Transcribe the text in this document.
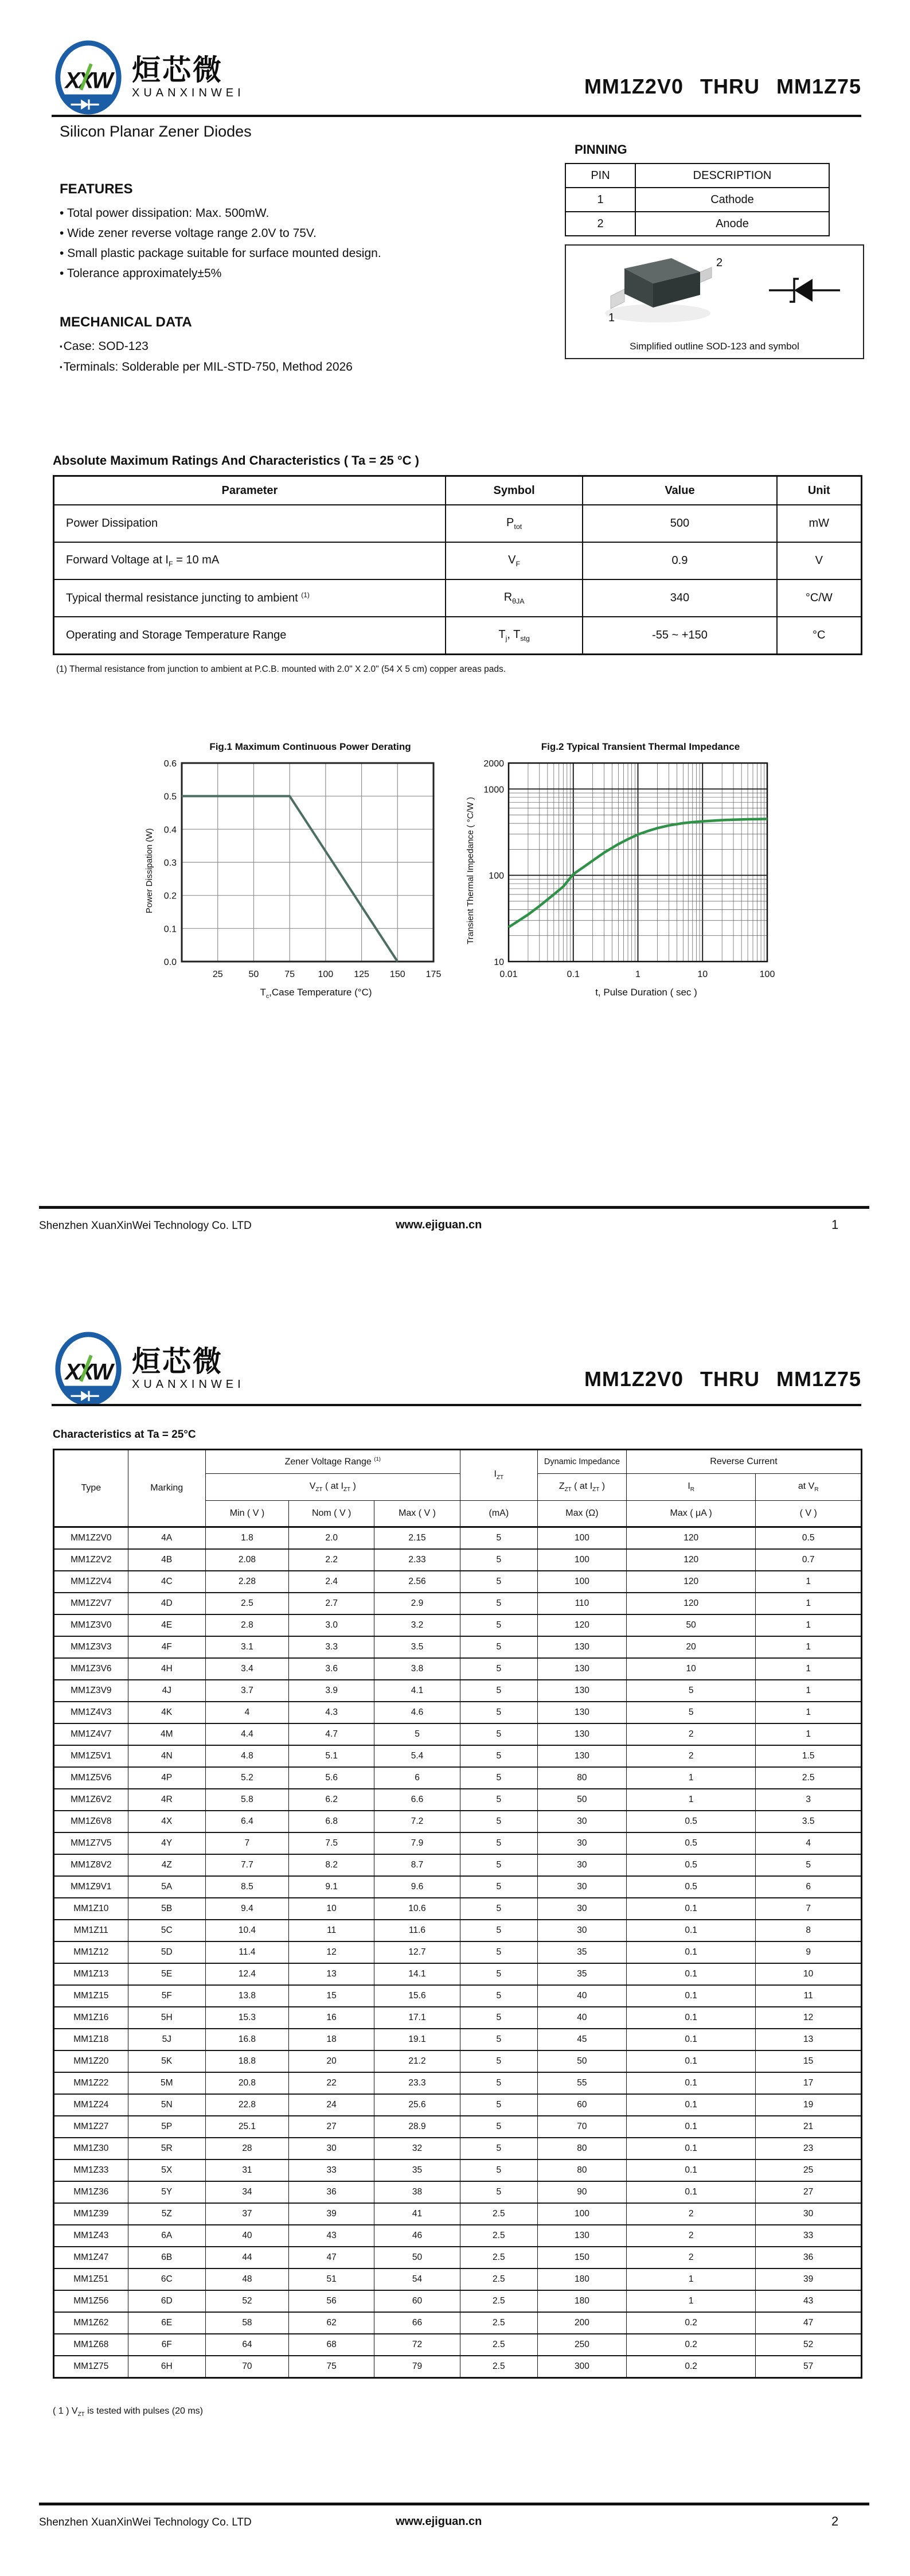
XXW 烜芯微
XUANXINWEI	MM1Z2V0 THRU MM1Z75
Silicon Planar Zener Diodes
FEATURES
• Total power dissipation: Max. 500mW.
• Wide zener reverse voltage range 2.0V to 75V.
• Small plastic package suitable for surface mounted design.
• Tolerance approximately±5%
MECHANICAL DATA
▪ Case: SOD-123
▪ Terminals: Solderable per MIL-STD-750, Method 2026
PINNING
PIN	DESCRIPTION
1	Cathode
2	Anode
2
1
Simplified outline SOD-123 and symbol
Absolute Maximum Ratings And Characteristics ( Ta = 25 °C )
Parameter	Symbol	Value	Unit
Power Dissipation	$P_{tot}$	500	mW
Forward Voltage at $I_F = 10$ mA	$V_F$	0.9	V
Typical thermal resistance juncting to ambient $^{(1)}$	$R_{\theta JA}$	340	°C/W
Operating and Storage Temperature Range	$T_j$, $T_{stg}$	-55 ~ +150	°C
(1) Thermal resistance from junction to ambient at P.C.B. mounted with 2.0" X 2.0" (54 X 5 cm) copper areas pads.
Fig.1 Maximum Continuous Power Derating
Power Dissipation (W)
25	50	75	100 125 150 175
0.0
0.1
0.2
0.3
0.4
0.5
0.6
$T_c,Case$ Temperature (°C)
Fig.2 Typical Transient Thermal Impedance
Transient Thermal Impedance ( °C/W )
0.01	0.1	1	10	100
10
100
1000
2000
t, Pulse Duration ( sec )
Shenzhen XuanXinWei Technology Co. LTD	www.ejiguan.cn	1
XXW 烜芯微
XUANXINWEI	MM1Z2V0 THRU MM1Z75
Characteristics at Ta = 25°C
Type	Marking	Zener Voltage Range $^{(1)}$			$I_{ZT}$	Dynamic Impedance	Reverse Current	
		$V_{ZT}$ ( at $I_{ZT}$ )				$Z_{ZT}$ ( at $I_{ZT}$ )	$I_R$	at $V_R$
		Min ( V )	Nom ( V )	Max ( V )	(mA)	Max (Ω)	Max ( μA )	( V )
MM1Z2V0	4A	1.8	2.0	2.15	5	100	120	0.5
MM1Z2V2	4B	2.08	2.2	2.33	5	100	120	0.7
MM1Z2V4	4C	2.28	2.4	2.56	5	100	120	1
MM1Z2V7	4D	2.5	2.7	2.9	5	110	120	1
MM1Z3V0	4E	2.8	3.0	3.2	5	120	50	1
MM1Z3V3	4F	3.1	3.3	3.5	5	130	20	1
MM1Z3V6	4H	3.4	3.6	3.8	5	130	10	1
MM1Z3V9	4J	3.7	3.9	4.1	5	130	5	1
MM1Z4V3	4K	4	4.3	4.6	5	130	5	1
MM1Z4V7	4M	4.4	4.7	5	5	130	2	1
MM1Z5V1	4N	4.8	5.1	5.4	5	130	2	1.5
MM1Z5V6	4P	5.2	5.6	6	5	80	1	2.5
MM1Z6V2	4R	5.8	6.2	6.6	5	50	1	3
MM1Z6V8	4X	6.4	6.8	7.2	5	30	0.5	3.5
MM1Z7V5	4Y	7	7.5	7.9	5	30	0.5	4
MM1Z8V2	4Z	7.7	8.2	8.7	5	30	0.5	5
MM1Z9V1	5A	8.5	9.1	9.6	5	30	0.5	6
MM1Z10	5B	9.4	10	10.6	5	30	0.1	7
MM1Z11	5C	10.4	11	11.6	5	30	0.1	8
MM1Z12	5D	11.4	12	12.7	5	35	0.1	9
MM1Z13	5E	12.4	13	14.1	5	35	0.1	10
MM1Z15	5F	13.8	15	15.6	5	40	0.1	11
MM1Z16	5H	15.3	16	17.1	5	40	0.1	12
MM1Z18	5J	16.8	18	19.1	5	45	0.1	13
MM1Z20	5K	18.8	20	21.2	5	50	0.1	15
MM1Z22	5M	20.8	22	23.3	5	55	0.1	17
MM1Z24	5N	22.8	24	25.6	5	60	0.1	19
MM1Z27	5P	25.1	27	28.9	5	70	0.1	21
MM1Z30	5R	28	30	32	5	80	0.1	23
MM1Z33	5X	31	33	35	5	80	0.1	25
MM1Z36	5Y	34	36	38	5	90	0.1	27
MM1Z39	5Z	37	39	41	2.5	100	2	30
MM1Z43	6A	40	43	46	2.5	130	2	33
MM1Z47	6B	44	47	50	2.5	150	2	36
MM1Z51	6C	48	51	54	2.5	180	1	39
MM1Z56	6D	52	56	60	2.5	180	1	43
MM1Z62	6E	58	62	66	2.5	200	0.2	47
MM1Z68	6F	64	68	72	2.5	250	0.2	52
MM1Z75	6H	70	75	79	2.5	300	0.2	57
( 1 ) $V_{ZT}$ is tested with pulses (20 ms)
Shenzhen XuanXinWei Technology Co. LTD	www.ejiguan.cn	2
